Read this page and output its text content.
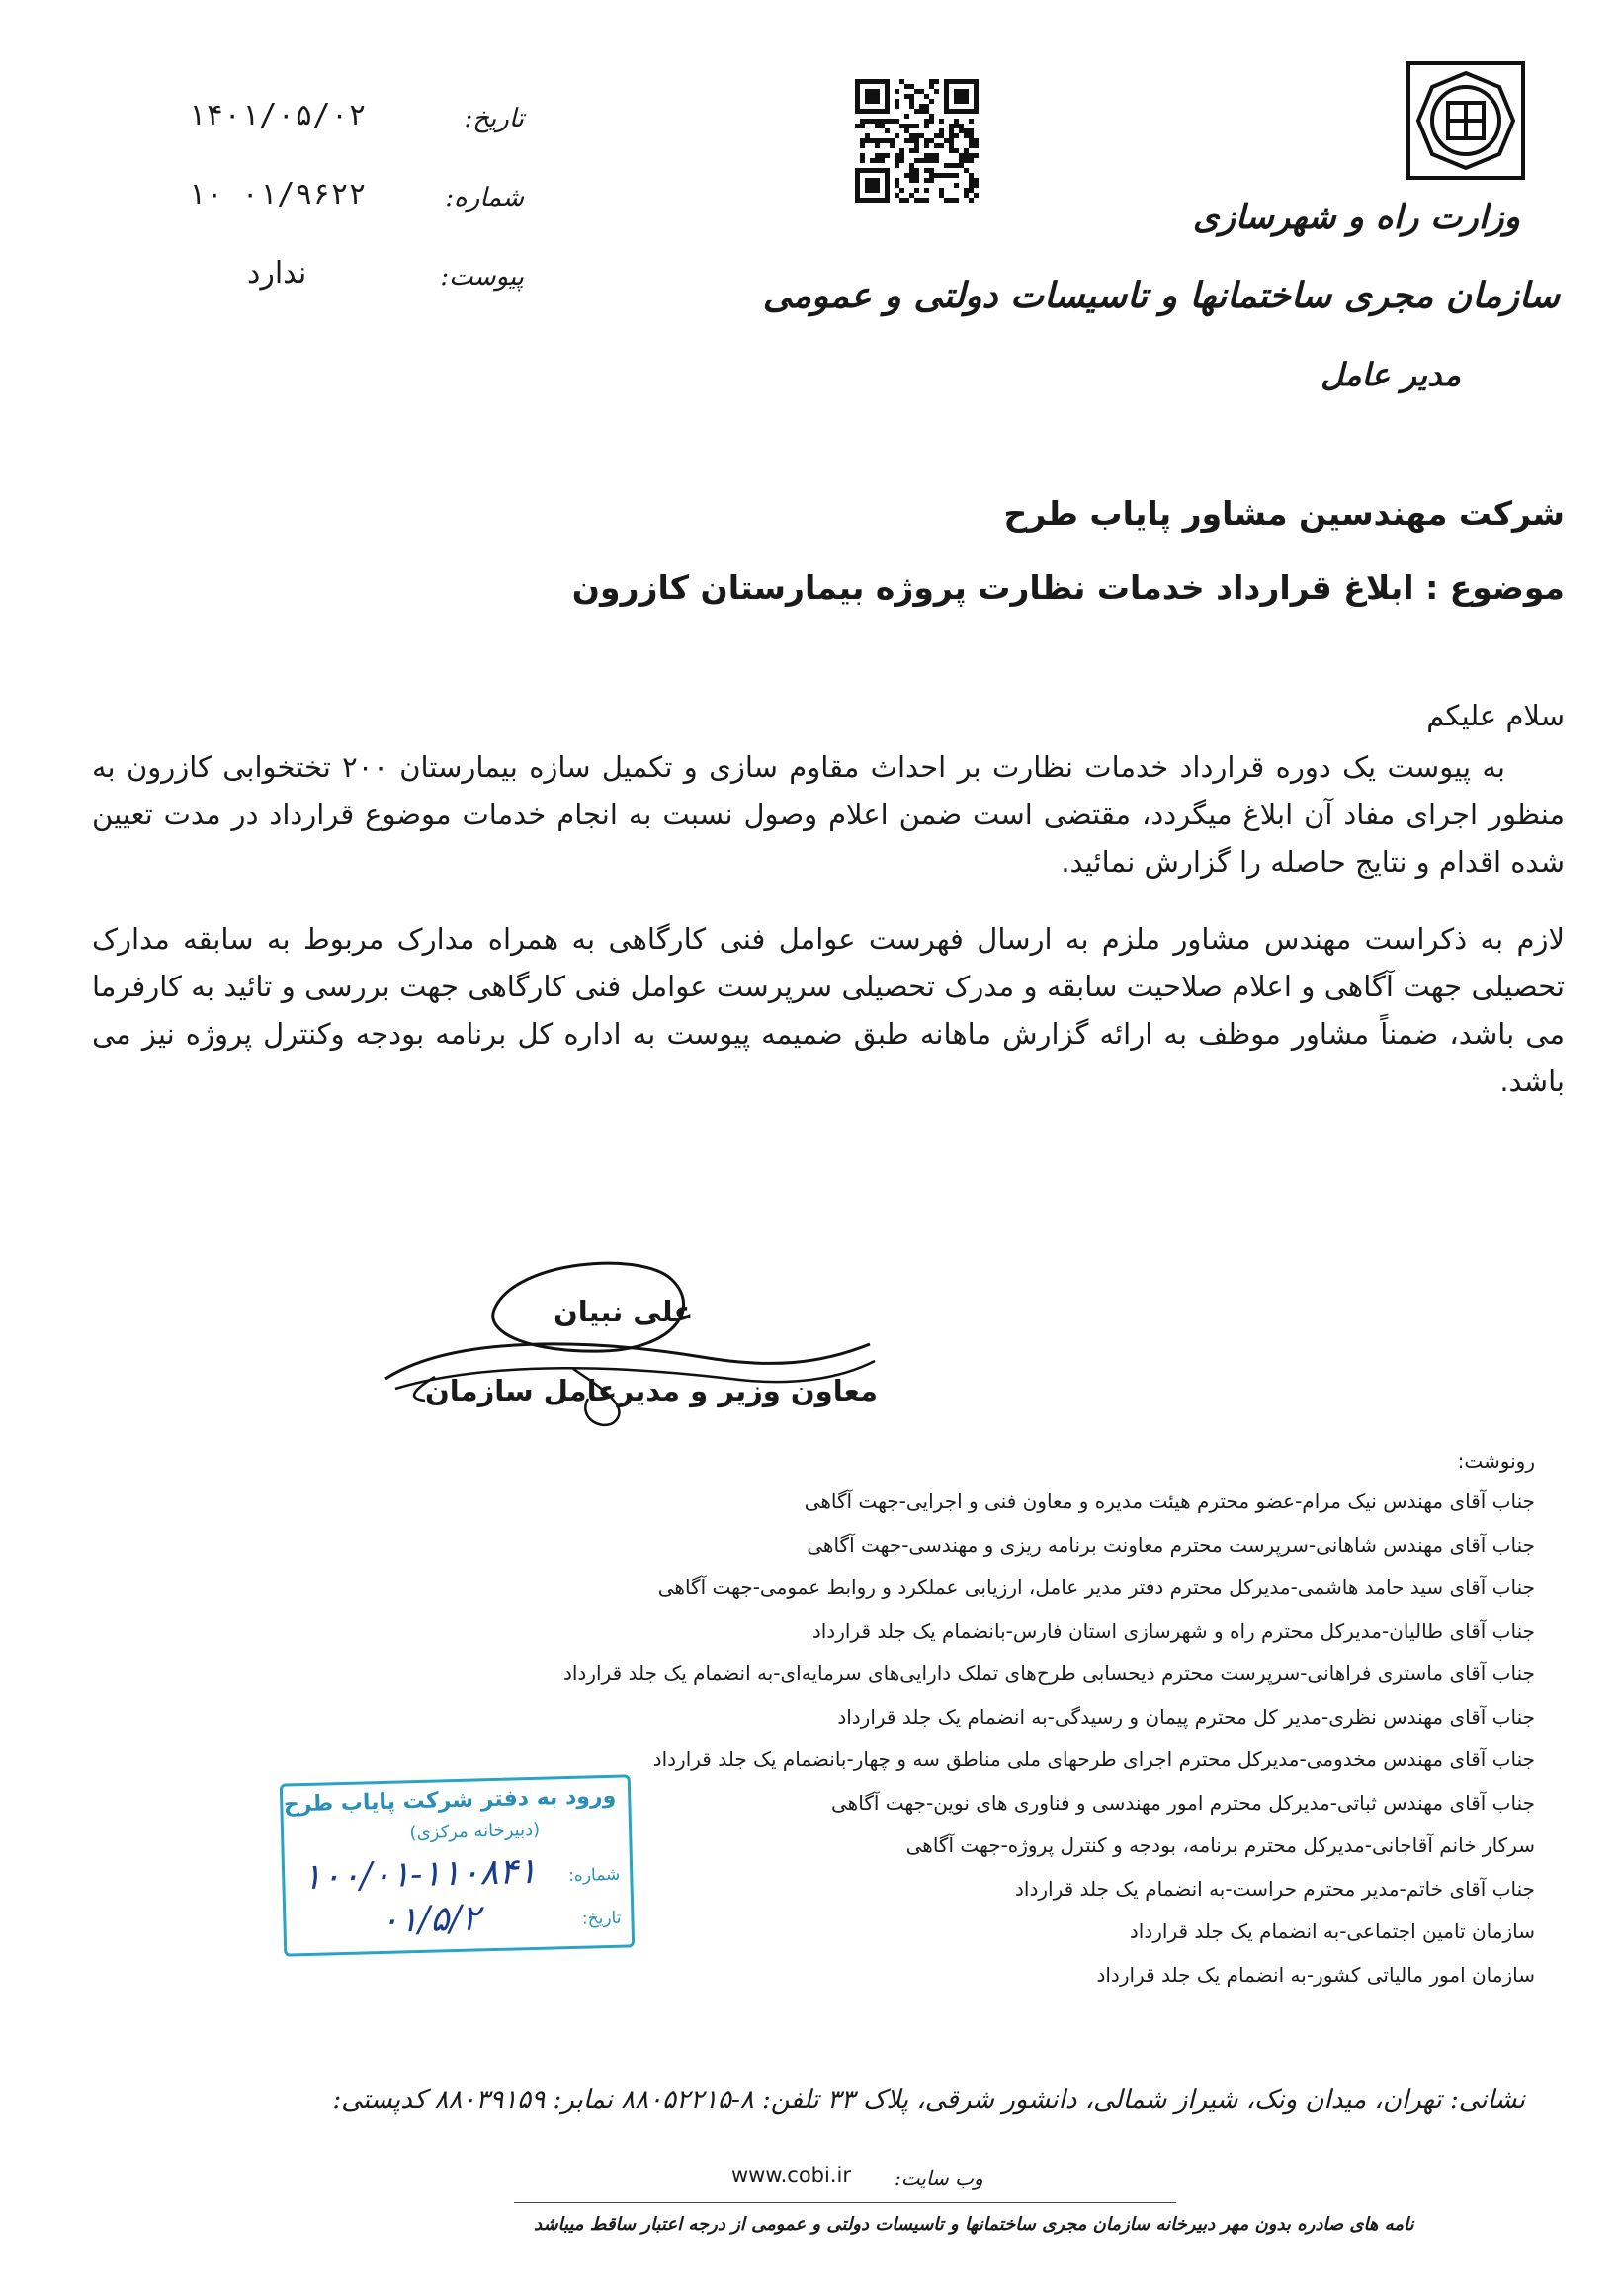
وزارت راه و شهرسازی
سازمان مجری ساختمانها و تاسیسات دولتی و عمومی
مدیر عامل
تاریخ:
۱۴۰۱/۰۵/۰۲
شماره:
۱۰ ۰۱/۹۶۲۲
پیوست:
ندارد
شرکت مهندسین مشاور پایاب طرح
موضوع : ابلاغ قرارداد خدمات نظارت پروژه بیمارستان کازرون

سلام علیکم

به پیوست یک دوره قرارداد خدمات نظارت بر احداث مقاوم سازی و تکمیل سازه بیمارستان ۲۰۰ تختخوابی کازرون به منظور اجرای مفاد آن ابلاغ میگردد، مقتضی است ضمن اعلام وصول نسبت به انجام خدمات موضوع قرارداد در مدت تعیین شده اقدام و نتایج حاصله را گزارش نمائید.

لازم به ذکراست مهندس مشاور ملزم به ارسال فهرست عوامل فنی کارگاهی به همراه مدارک مربوط به سابقه مدارک تحصیلی جهت آگاهی و اعلام صلاحیت سابقه و مدرک تحصیلی سرپرست عوامل فنی کارگاهی جهت بررسی و تائید به کارفرما می باشد، ضمناً مشاور موظف به ارائه گزارش ماهانه طبق ضمیمه پیوست به اداره کل برنامه بودجه وکنترل پروژه نیز می باشد.

علی نبیان
معاون وزیر و مدیرعامل سازمان
رونوشت:
جناب آقای مهندس نیک مرام-عضو محترم هیئت مدیره و معاون فنی و اجرایی-جهت آگاهی
جناب آقای مهندس شاهانی-سرپرست محترم معاونت برنامه ریزی و مهندسی-جهت آگاهی
جناب آقای سید حامد هاشمی-مدیرکل محترم دفتر مدیر عامل، ارزیابی عملکرد و روابط عمومی-جهت آگاهی
جناب آقای طالیان-مدیرکل محترم راه و شهرسازی استان فارس-بانضمام یک جلد قرارداد
جناب آقای ماستری فراهانی-سرپرست محترم ذیحسابی طرح‌های تملک دارایی‌های سرمایه‌ای-به انضمام یک جلد قرارداد
جناب آقای مهندس نظری-مدیر کل محترم پیمان و رسیدگی-به انضمام یک جلد قرارداد
جناب آقای مهندس مخدومی-مدیرکل محترم اجرای طرحهای ملی مناطق سه و چهار-بانضمام یک جلد قرارداد
جناب آقای مهندس ثباتی-مدیرکل محترم امور مهندسی و فناوری های نوین-جهت آگاهی
سرکار خانم آقاجانی-مدیرکل محترم برنامه، بودجه و کنترل پروژه-جهت آگاهی
جناب آقای خاتم-مدیر محترم حراست-به انضمام یک جلد قرارداد
سازمان تامین اجتماعی-به انضمام یک جلد قرارداد
سازمان امور مالیاتی کشور-به انضمام یک جلد قرارداد
ورود به دفتر شرکت پایاب طرح
(دبیرخانه مرکزی)
شماره:
۱۰۰/۰۱-۱۱۰۸۴۱
تاریخ:
۰۱/۵/۲
نشانی: تهران، میدان ونک، شیراز شمالی، دانشور شرقی، پلاک ۳۳ تلفن: ۸-۸۸۰۵۲۲۱۵ نمابر: ۸۸۰۳۹۱۵۹ کدپستی:
وب سایت:
www.cobi.ir
نامه های صادره بدون مهر دبیرخانه سازمان مجری ساختمانها و تاسیسات دولتی و عمومی از درجه اعتبار ساقط میباشد
